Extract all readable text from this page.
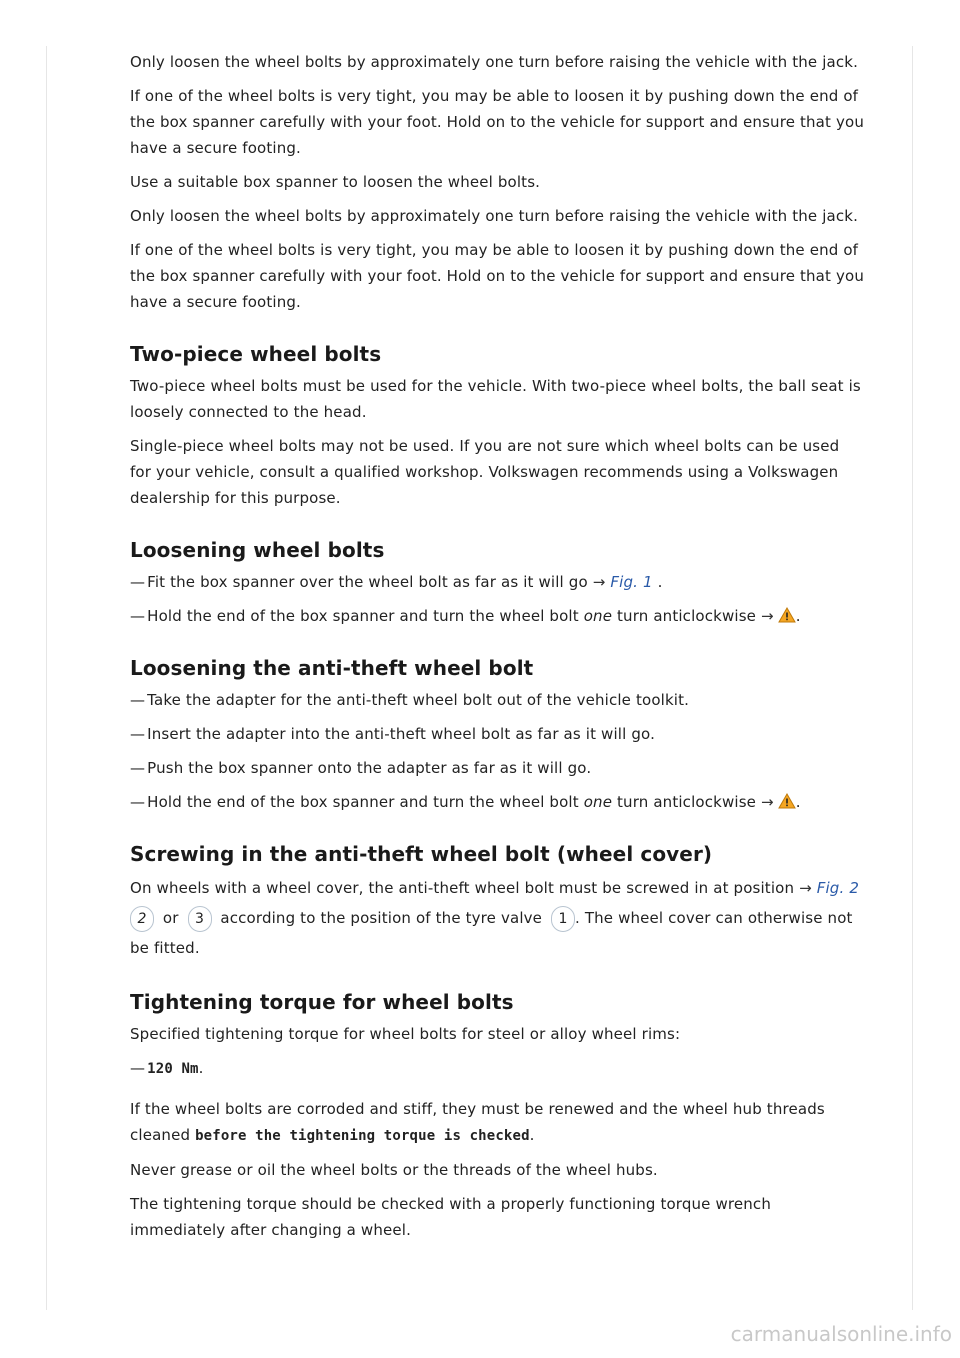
Only loosen the wheel bolts by approximately one turn before raising the vehicle with the jack.

If one of the wheel bolts is very tight, you may be able to loosen it by pushing down the end of the box spanner carefully with your foot. Hold on to the vehicle for support and ensure that you have a secure footing.

Use a suitable box spanner to loosen the wheel bolts.

Only loosen the wheel bolts by approximately one turn before raising the vehicle with the jack.

If one of the wheel bolts is very tight, you may be able to loosen it by pushing down the end of the box spanner carefully with your foot. Hold on to the vehicle for support and ensure that you have a secure footing.

Two-piece wheel bolts

Two-piece wheel bolts must be used for the vehicle. With two-piece wheel bolts, the ball seat is loosely connected to the head.

Single-piece wheel bolts may not be used. If you are not sure which wheel bolts can be used for your vehicle, consult a qualified workshop. Volkswagen recommends using a Volkswagen dealership for this purpose.

Loosening wheel bolts
— Fit the box spanner over the wheel bolt as far as it will go → Fig. 1 .
— Hold the end of the box spanner and turn the wheel bolt one turn anticlockwise → .
Loosening the anti-theft wheel bolt
— Take the adapter for the anti-theft wheel bolt out of the vehicle toolkit.
— Insert the adapter into the anti-theft wheel bolt as far as it will go.
— Push the box spanner onto the adapter as far as it will go.
— Hold the end of the box spanner and turn the wheel bolt one turn anticlockwise → .
Screwing in the anti-theft wheel bolt (wheel cover)

On wheels with a wheel cover, the anti-theft wheel bolt must be screwed in at position → Fig. 2 2 or 3 according to the position of the tyre valve 1 . The wheel cover can otherwise not be fitted.

Tightening torque for wheel bolts

Specified tightening torque for wheel bolts for steel or alloy wheel rims:

— 120 Nm.

If the wheel bolts are corroded and stiff, they must be renewed and the wheel hub threads cleaned before the tightening torque is checked.

Never grease or oil the wheel bolts or the threads of the wheel hubs.

The tightening torque should be checked with a properly functioning torque wrench immediately after changing a wheel.

carmanualsonline.info
